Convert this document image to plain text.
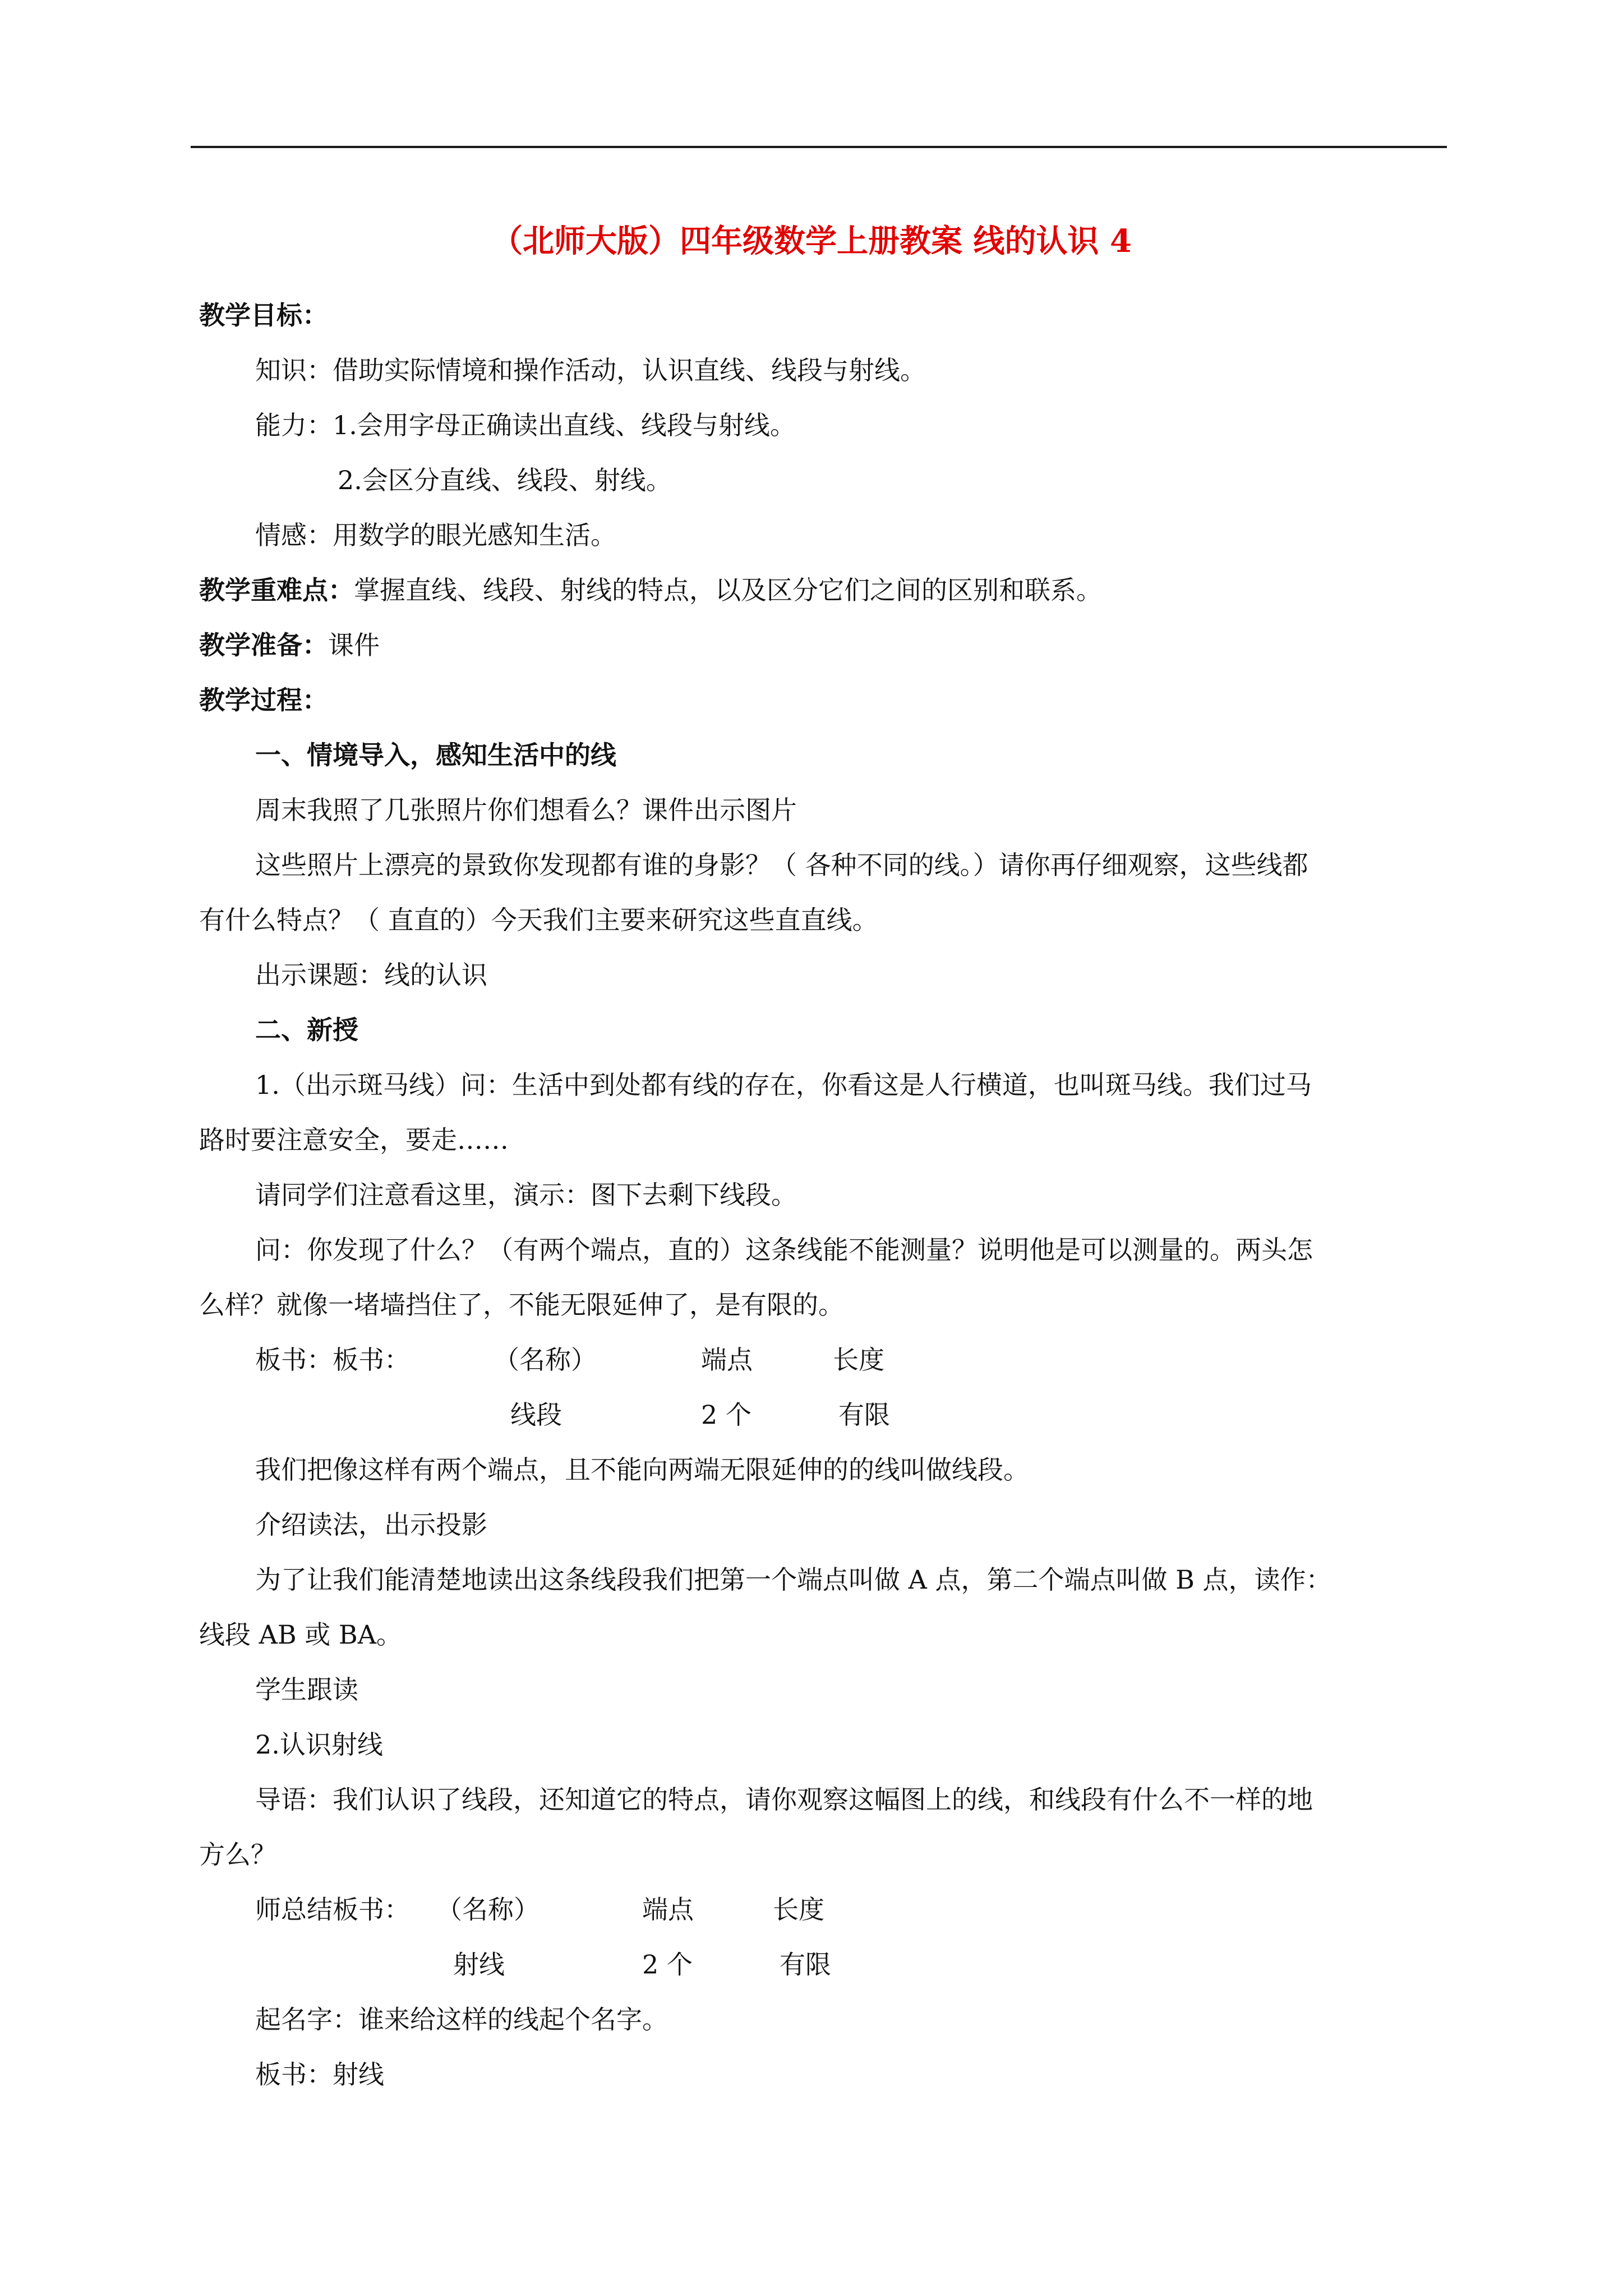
（北师大版）四年级数学上册教案 线的认识 4
教学目标：
知识：借助实际情境和操作活动，认识直线、线段与射线。
能力：1.会用字母正确读出直线、线段与射线。
2.会区分直线、线段、射线。
情感：用数学的眼光感知生活。
教学重难点：掌握直线、线段、射线的特点，以及区分它们之间的区别和联系。
教学准备：课件
教学过程：
一、情境导入，感知生活中的线
周末我照了几张照片你们想看么？课件出示图片
这些照片上漂亮的景致你发现都有谁的身影？（ 各种不同的线。）请你再仔细观察，这些线都
有什么特点？（ 直直的）今天我们主要来研究这些直直线。
出示课题：线的认识
二、新授
1.（出示斑马线）问：生活中到处都有线的存在，你看这是人行横道，也叫斑马线。我们过马
路时要注意安全，要走……
请同学们注意看这里，演示：图下去剩下线段。
问：你发现了什么？（有两个端点，直的）这条线能不能测量？说明他是可以测量的。两头怎
么样？就像一堵墙挡住了，不能无限延伸了，是有限的。
板书：板书：	（名称）	端点	长度
线段	2 个	有限
我们把像这样有两个端点，且不能向两端无限延伸的的线叫做线段。
介绍读法，出示投影
为了让我们能清楚地读出这条线段我们把第一个端点叫做 A 点，第二个端点叫做 B 点，读作：
线段 AB 或 BA。
学生跟读
2.认识射线
导语：我们认识了线段，还知道它的特点，请你观察这幅图上的线，和线段有什么不一样的地
方么？
师总结板书： （名称）	端点	长度
射线	2 个	有限
起名字：谁来给这样的线起个名字。
板书：射线
